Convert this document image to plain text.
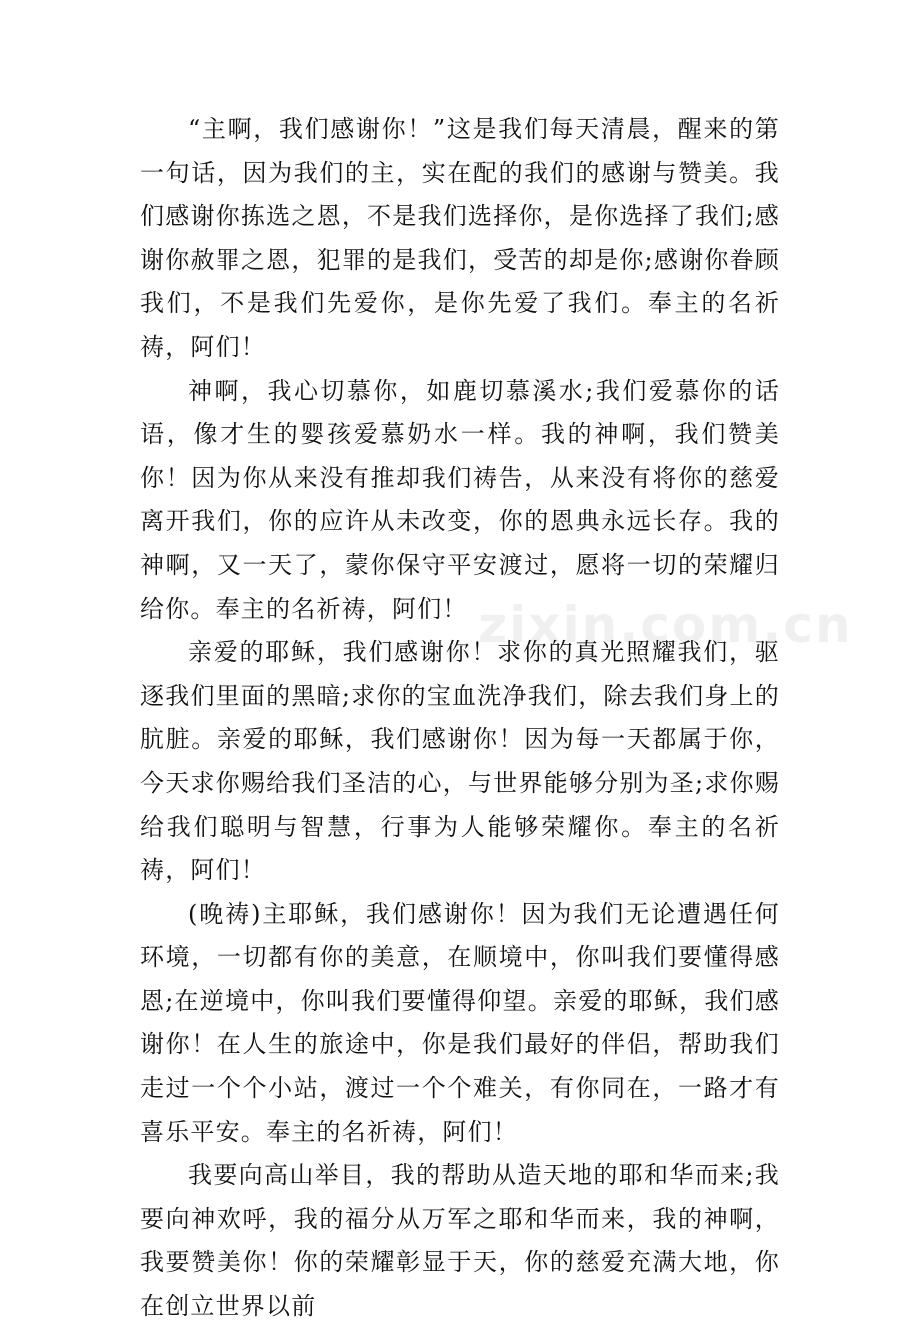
“主啊，我们感谢你！”这是我们每天清晨，醒来的第一句话，因为我们的主，实在配的我们的感谢与赞美。我们感谢你拣选之恩，不是我们选择你，是你选择了我们;感谢你赦罪之恩，犯罪的是我们，受苦的却是你;感谢你眷顾我们，不是我们先爱你，是你先爱了我们。奉主的名祈祷，阿们！

神啊，我心切慕你，如鹿切慕溪水;我们爱慕你的话语，像才生的婴孩爱慕奶水一样。我的神啊，我们赞美你！因为你从来没有推却我们祷告，从来没有将你的慈爱离开我们，你的应许从未改变，你的恩典永远长存。我的神啊，又一天了，蒙你保守平安渡过，愿将一切的荣耀归给你。奉主的名祈祷，阿们！

亲爱的耶稣，我们感谢你！求你的真光照耀我们，驱逐我们里面的黑暗;求你的宝血洗净我们，除去我们身上的肮脏。亲爱的耶稣，我们感谢你！因为每一天都属于你，今天求你赐给我们圣洁的心，与世界能够分别为圣;求你赐给我们聪明与智慧，行事为人能够荣耀你。奉主的名祈祷，阿们！

(晚祷)主耶稣，我们感谢你！因为我们无论遭遇任何环境，一切都有你的美意，在顺境中，你叫我们要懂得感恩;在逆境中，你叫我们要懂得仰望。亲爱的耶稣，我们感谢你！在人生的旅途中，你是我们最好的伴侣，帮助我们走过一个个小站，渡过一个个难关，有你同在，一路才有喜乐平安。奉主的名祈祷，阿们！

我要向高山举目，我的帮助从造天地的耶和华而来;我要向神欢呼，我的福分从万军之耶和华而来，我的神啊，我要赞美你！你的荣耀彰显于天，你的慈爱充满大地，你在创立世界以前

zixin.com.cn
